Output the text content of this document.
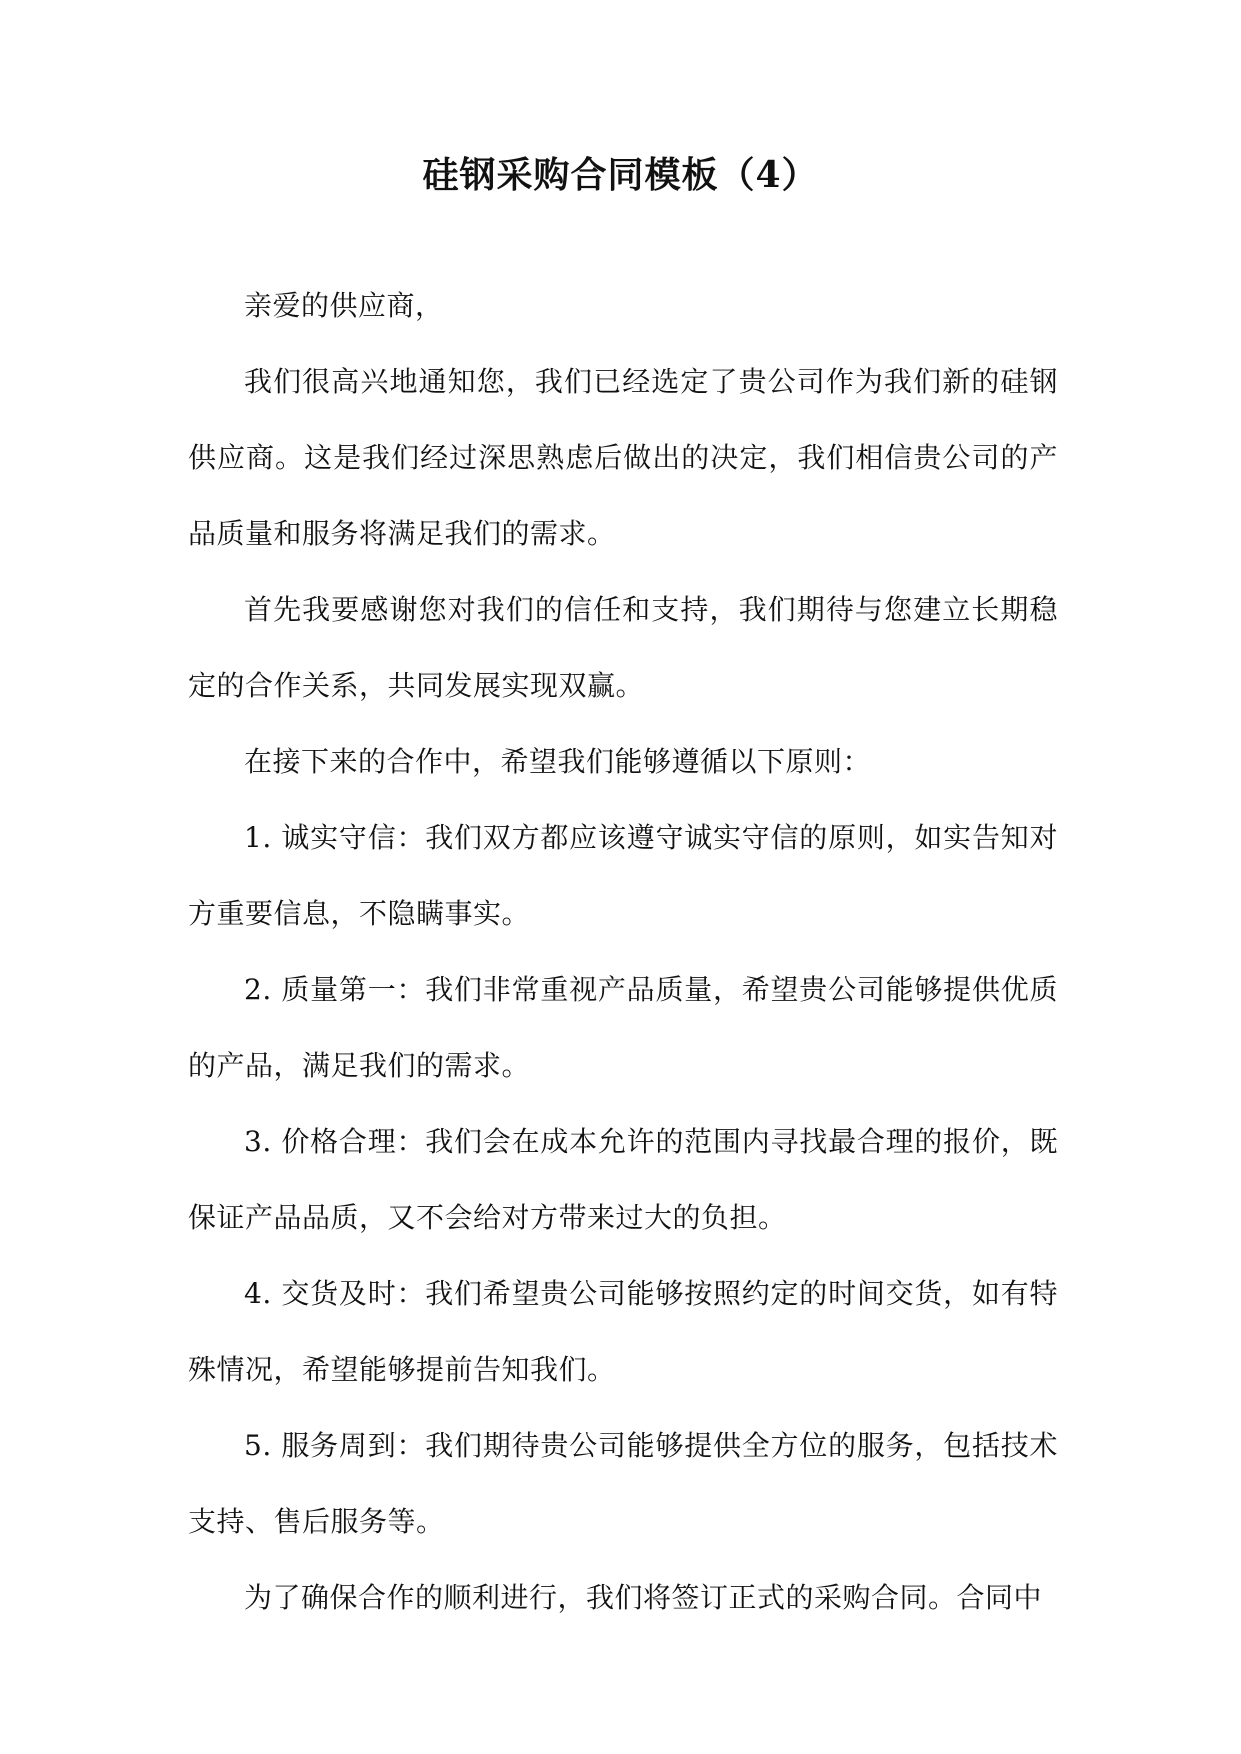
硅钢采购合同模板（4）

亲爱的供应商，

我们很高兴地通知您，我们已经选定了贵公司作为我们新的硅钢供应商。这是我们经过深思熟虑后做出的决定，我们相信贵公司的产品质量和服务将满足我们的需求。

首先我要感谢您对我们的信任和支持，我们期待与您建立长期稳定的合作关系，共同发展实现双赢。

在接下来的合作中，希望我们能够遵循以下原则：

1. 诚实守信：我们双方都应该遵守诚实守信的原则，如实告知对方重要信息，不隐瞒事实。

2. 质量第一：我们非常重视产品质量，希望贵公司能够提供优质的产品，满足我们的需求。

3. 价格合理：我们会在成本允许的范围内寻找最合理的报价，既保证产品品质，又不会给对方带来过大的负担。

4. 交货及时：我们希望贵公司能够按照约定的时间交货，如有特殊情况，希望能够提前告知我们。

5. 服务周到：我们期待贵公司能够提供全方位的服务，包括技术支持、售后服务等。

为了确保合作的顺利进行，我们将签订正式的采购合同。合同中
